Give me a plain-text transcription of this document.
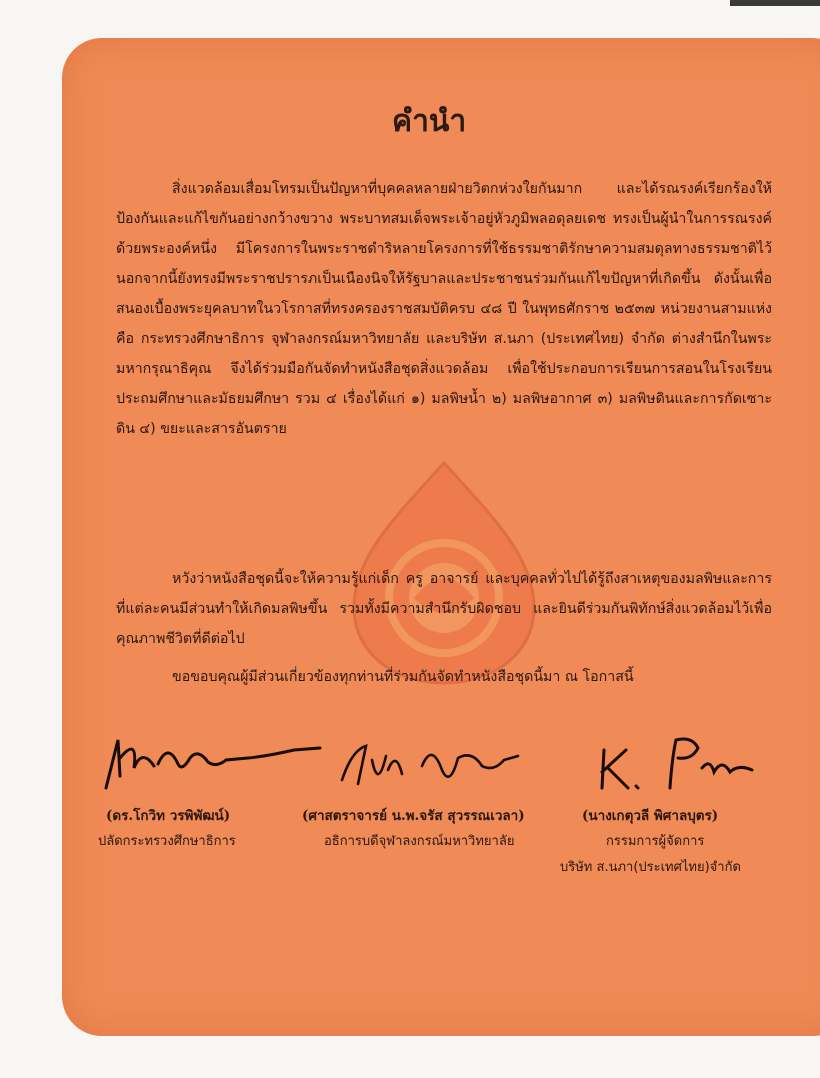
คำนำ

สิ่งแวดล้อมเสื่อมโทรมเป็นปัญหาที่บุคคลหลายฝ่ายวิตกห่วงใยกันมาก และได้รณรงค์เรียกร้องให้ป้องกันและแก้ไขกันอย่างกว้างขวาง พระบาทสมเด็จพระเจ้าอยู่หัวภูมิพลอดุลยเดช ทรงเป็นผู้นำในการรณรงค์ด้วยพระองค์หนึ่ง มีโครงการในพระราชดำริหลายโครงการที่ใช้ธรรมชาติรักษาความสมดุลทางธรรมชาติไว้ นอกจากนี้ยังทรงมีพระราชปรารภเป็นเนืองนิจให้รัฐบาลและประชาชนร่วมกันแก้ไขปัญหาที่เกิดขึ้น ดังนั้นเพื่อสนองเบื้องพระยุคลบาทในวโรกาสที่ทรงครองราชสมบัติครบ ๔๘ ปี ในพุทธศักราช ๒๕๓๗ หน่วยงานสามแห่งคือ กระทรวงศึกษาธิการ จุฬาลงกรณ์มหาวิทยาลัย และบริษัท ส.นภา (ประเทศไทย) จำกัด ต่างสำนึกในพระมหากรุณาธิคุณ จึงได้ร่วมมือกันจัดทำหนังสือชุดสิ่งแวดล้อม เพื่อใช้ประกอบการเรียนการสอนในโรงเรียนประถมศึกษาและมัธยมศึกษา รวม ๔ เรื่องได้แก่ ๑) มลพิษน้ำ ๒) มลพิษอากาศ ๓) มลพิษดินและการกัดเซาะดิน ๔) ขยะและสารอันตราย

หวังว่าหนังสือชุดนี้จะให้ความรู้แก่เด็ก ครู อาจารย์ และบุคคลทั่วไปได้รู้ถึงสาเหตุของมลพิษและการที่แต่ละคนมีส่วนทำให้เกิดมลพิษขึ้น รวมทั้งมีความสำนึกรับผิดชอบ และยินดีร่วมกันพิทักษ์สิ่งแวดล้อมไว้เพื่อคุณภาพชีวิตที่ดีต่อไป

ขอขอบคุณผู้มีส่วนเกี่ยวข้องทุกท่านที่ร่วมกันจัดทำหนังสือชุดนี้มา ณ โอกาสนี้

(ดร.โกวิท วรพิพัฒน์)
ปลัดกระทรวงศึกษาธิการ
(ศาสตราจารย์ น.พ.จรัส สุวรรณเวลา)
อธิการบดีจุฬาลงกรณ์มหาวิทยาลัย
(นางเกตุวลี พิศาลบุตร)
กรรมการผู้จัดการ
บริษัท ส.นภา(ประเทศไทย)จำกัด
